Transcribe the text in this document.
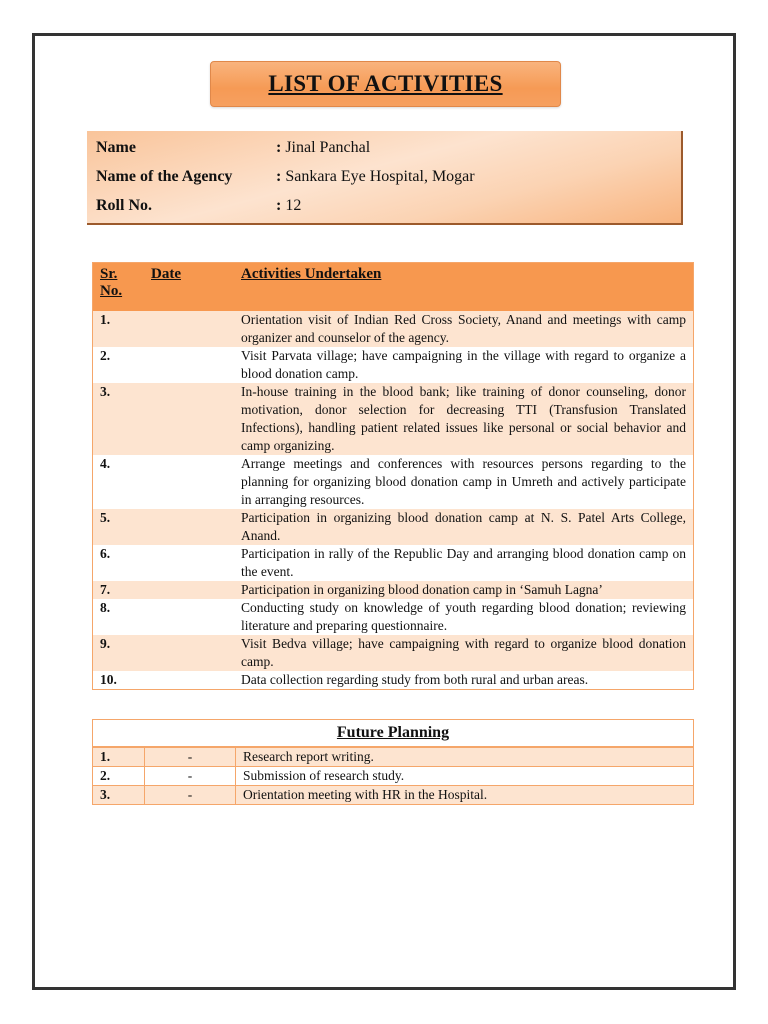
LIST OF ACTIVITIES
Name	: Jinal Panchal
Name of the Agency	: Sankara Eye Hospital, Mogar
Roll No.	: 12
Sr. No.	Date	Activities Undertaken
1.		Orientation visit of Indian Red Cross Society, Anand and meetings with camp organizer and counselor of the agency.
2.		Visit Parvata village; have campaigning in the village with regard to organize a blood donation camp.
3.		In-house training in the blood bank; like training of donor counseling, donor motivation, donor selection for decreasing TTI (Transfusion Translated Infections), handling patient related issues like personal or social behavior and camp organizing.
4.		Arrange meetings and conferences with resources persons regarding to the planning for organizing blood donation camp in Umreth and actively participate in arranging resources.
5.		Participation in organizing blood donation camp at N. S. Patel Arts College, Anand.
6.		Participation in rally of the Republic Day and arranging blood donation camp on the event.
7.		Participation in organizing blood donation camp in ‘Samuh Lagna’
8.		Conducting study on knowledge of youth regarding blood donation; reviewing literature and preparing questionnaire.
9.		Visit Bedva village; have campaigning with regard to organize blood donation camp.
10.		Data collection regarding study from both rural and urban areas.
Future Planning		
1.	-	Research report writing.
2.	-	Submission of research study.
3.	-	Orientation meeting with HR in the Hospital.
